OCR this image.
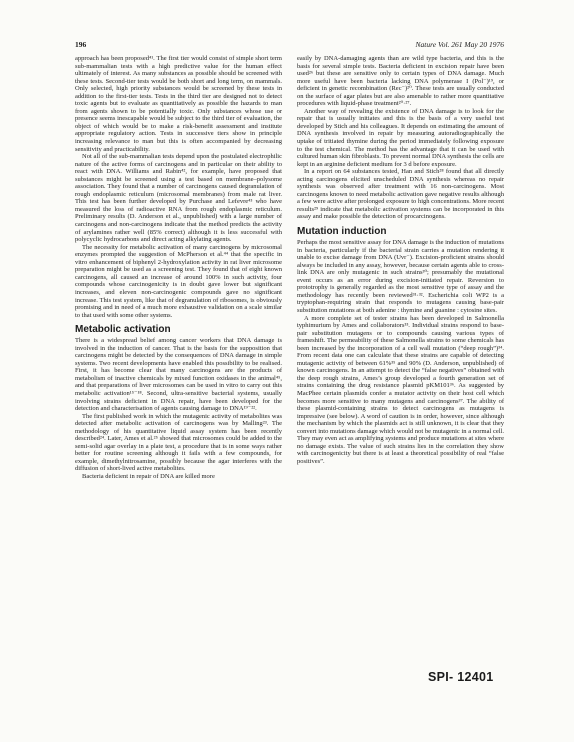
196	Nature Vol. 261 May 20 1976

approach has been proposed⁴¹. The first tier would consist of simple short term sub-mammalian tests with a high predictive value for the human effect ultimately of interest. As many substances as possible should be screened with these tests. Second-tier tests would be both short and long term, on mammals. Only selected, high priority substances would be screened by these tests in addition to the first-tier tests. Tests in the third tier are designed not to detect toxic agents but to evaluate as quantitatively as possible the hazards to man from agents shown to be potentially toxic. Only substances whose use or presence seems inescapable would be subject to the third tier of evaluation, the object of which would be to make a risk-benefit assessment and institute appropriate regulatory action. Tests in successive tiers show in principle increasing relevance to man but this is often accompanied by decreasing sensitivity and practicability.

Not all of the sub-mammalian tests depend upon the postulated electrophilic nature of the active forms of carcinogens and in particular on their ability to react with DNA. Williams and Rabin⁴², for example, have proposed that substances might be screened using a test based on membrane–polysome association. They found that a number of carcinogens caused degranulation of rough endoplasmic reticulum (microsomal membranes) from male rat liver. This test has been further developed by Purchase and Lefevre⁴³ who have measured the loss of radioactive RNA from rough endoplasmic reticulum. Preliminary results (D. Anderson et al., unpublished) with a large number of carcinogens and non-carcinogens indicate that the method predicts the activity of arylamines rather well (85% correct) although it is less successful with polycyclic hydrocarbons and direct acting alkylating agents.

The necessity for metabolic activation of many carcinogens by microsomal enzymes prompted the suggestion of McPherson et al.⁴⁴ that the specific in vitro enhancement of biphenyl 2-hydroxylation activity in rat liver microsome preparation might be used as a screening test. They found that of eight known carcinogens, all caused an increase of around 100% in such activity, four compounds whose carcinogenicity is in doubt gave lower but significant increases, and eleven non-carcinogenic compounds gave no significant increase. This test system, like that of degranulation of ribosomes, is obviously promising and in need of a much more exhaustive validation on a scale similar to that used with some other systems.

Metabolic activation

There is a widespread belief among cancer workers that DNA damage is involved in the induction of cancer. That is the basis for the supposition that carcinogens might be detected by the consequences of DNA damage in simple systems. Two recent developments have enabled this possibility to be realised. First, it has become clear that many carcinogens are the products of metabolism of inactive chemicals by mixed function oxidases in the animal⁴⁵, and that preparations of liver microsomes can be used in vitro to carry out this metabolic activation¹⁵⁻¹⁸. Second, ultra-sensitive bacterial systems, usually involving strains deficient in DNA repair, have been developed for the detection and characterisation of agents causing damage to DNA¹⁹⁻²².

The first published work in which the mutagenic activity of metabolites was detected after metabolic activation of carcinogens was by Malling²³. The methodology of his quantitative liquid assay system has been recently described²⁴. Later, Ames et al.²⁵ showed that microsomes could be added to the semi-solid agar overlay in a plate test, a procedure that is in some ways rather better for routine screening although it fails with a few compounds, for example, dimethylnitrosamine, possibly because the agar interferes with the diffusion of short-lived active metabolites.

Bacteria deficient in repair of DNA are killed more

easily by DNA-damaging agents than are wild type bacteria, and this is the basis for several simple tests. Bacteria deficient in excision repair have been used²⁶ but these are sensitive only to certain types of DNA damage. Much more useful have been bacteria lacking DNA polymerase I (Pol⁻)¹⁹, or deficient in genetic recombination (Rec⁻)²⁰. These tests are usually conducted on the surface of agar plates but are also amenable to rather more quantitative procedures with liquid-phase treatment²⁰·²⁷.

Another way of revealing the existence of DNA damage is to look for the repair that is usually initiates and this is the basis of a very useful test developed by Stich and his colleagues. It depends on estimating the amount of DNA synthesis involved in repair by measuring autoradiographically the uptake of tritiated thymine during the period immediately following exposure to the test chemical. The method has the advantage that it can be used with cultured human skin fibroblasts. To prevent normal DNA synthesis the cells are kept in an arginine deficient medium for 3 d before exposure.

In a report on 64 substances tested, Han and Stich²⁸ found that all directly acting carcinogens elicited unscheduled DNA synthesis whereas no repair synthesis was observed after treatment with 16 non-carcinogens. Most carcinogens known to need metabolic activation gave negative results although a few were active after prolonged exposure to high concentrations. More recent results²⁹ indicate that metabolic activation systems can be incorporated in this assay and make possible the detection of procarcinogens.

Mutation induction

Perhaps the most sensitive assay for DNA damage is the induction of mutations in bacteria, particularly if the bacterial strain carries a mutation rendering it unable to excise damage from DNA (Uvr⁻). Excision-proficient strains should always be included in any assay, however, because certain agents able to cross-link DNA are only mutagenic in such strains³⁰; presumably the mutational event occurs as an error during excision-initiated repair. Reversion to prototrophy is generally regarded as the most sensitive type of assay and the methodology has recently been reviewed³¹·³². Escherichia coli WP2 is a tryptophan-requiring strain that responds to mutagens causing base-pair substitution mutations at both adenine : thymine and guanine : cytosine sites.

A more complete set of tester strains has been developed in Salmonella typhimurium by Ames and collaborators³³. Individual strains respond to base-pair substitution mutagens or to compounds causing various types of frameshift. The permeability of these Salmonella strains to some chemicals has been increased by the incorporation of a cell wall mutation (“deep rough”)³⁴. From recent data one can calculate that these strains are capable of detecting mutagenic activity of between 61%³⁵ and 90% (D. Anderson, unpublished) of known carcinogens. In an attempt to detect the “false negatives” obtained with the deep rough strains, Ames’s group developed a fourth generation set of strains containing the drug resistance plasmid pKM101³⁶. As suggested by MacPhee certain plasmids confer a mutator activity on their host cell which becomes more sensitive to many mutagens and carcinogens³⁷. The ability of these plasmid-containing strains to detect carcinogens as mutagens is impressive (see below). A word of caution is in order, however, since although the mechanism by which the plasmids act is still unknown, it is clear that they convert into mutations damage which would not be mutagenic in a normal cell. They may even act as amplifying systems and produce mutations at sites where no damage exists. The value of such strains lies in the correlation they show with carcinogenicity but there is at least a theoretical possibility of real “false positives”.

SPI- 12401
